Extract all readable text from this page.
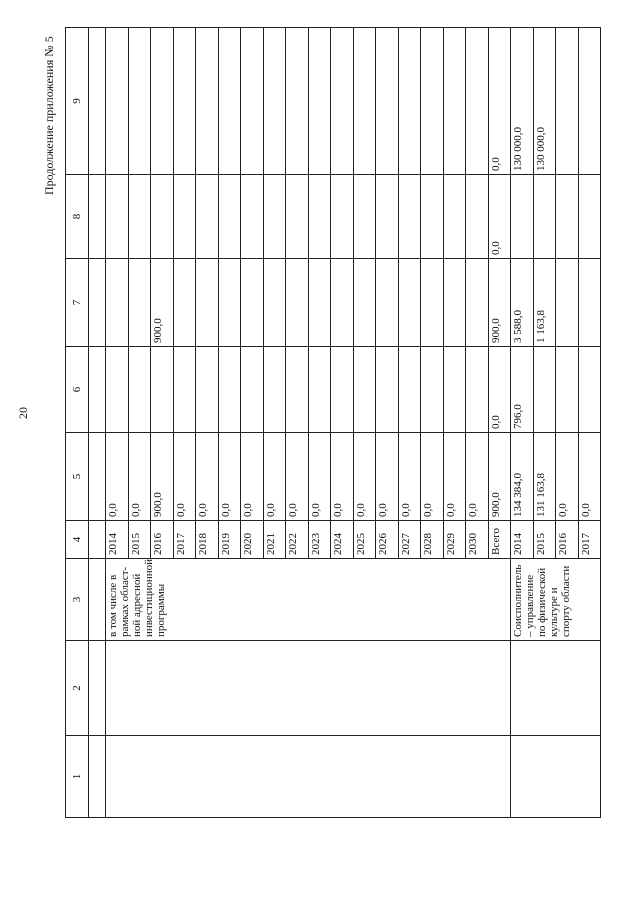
20
Продолжение приложения № 5
1	2	3	4	5	6	7	8	9

		в том числе в рамках област- ной адресной инвестиционной программы	2014	0,0				
			2015	0,0				
			2016	900,0		900,0		
			2017	0,0				
			2018	0,0				
			2019	0,0				
			2020	0,0				
			2021	0,0				
			2022	0,0				
			2023	0,0				
			2024	0,0				
			2025	0,0				
			2026	0,0				
			2027	0,0				
			2028	0,0				
			2029	0,0				
			2030	0,0				
			Всего	900,0	0,0	900,0	0,0	0,0
		Соисполнитель – управление по физической культуре и спорту области	2014	134 384,0	796,0	3 588,0		130 000,0
			2015	131 163,8		1 163,8		130 000,0
			2016	0,0				
			2017	0,0				
